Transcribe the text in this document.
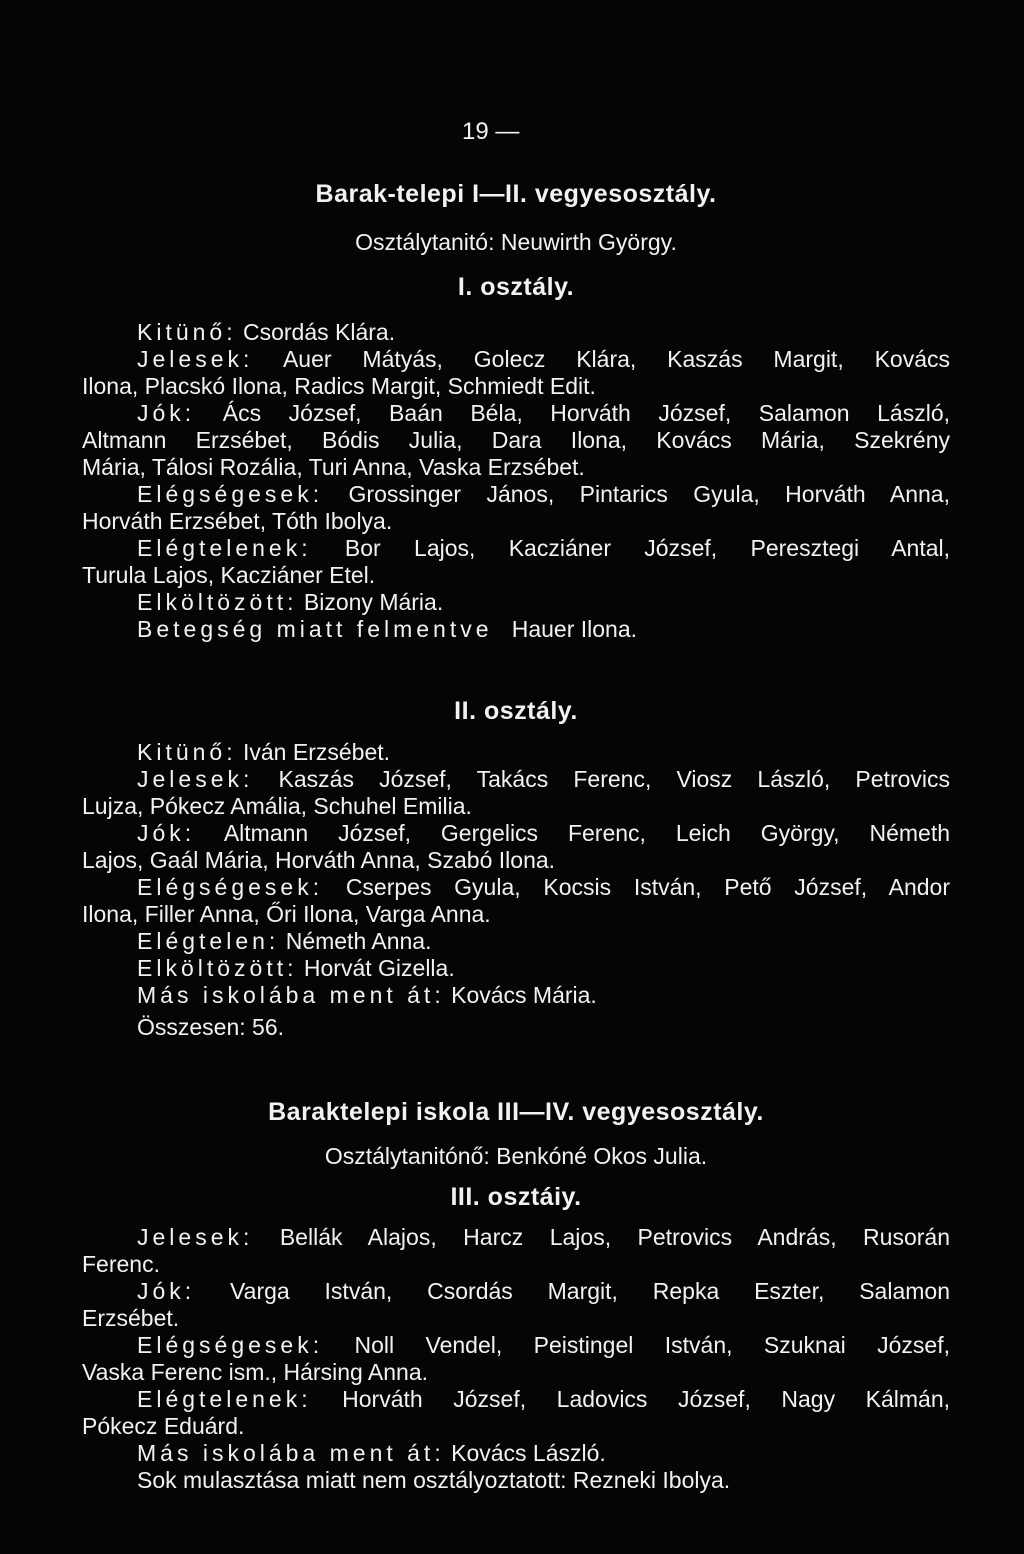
19 —
Barak-telepi I—II. vegyesosztály.
Osztálytanitó: Neuwirth György.
I. osztály.
Kitünő: Csordás Klára.
Jelesek: Auer Mátyás, Golecz Klára, Kaszás Margit, Kovács
Ilona, Placskó Ilona, Radics Margit, Schmiedt Edit.
Jók: Ács József, Baán Béla, Horváth József, Salamon László,
Altmann Erzsébet, Bódis Julia, Dara Ilona, Kovács Mária, Szekrény
Mária, Tálosi Rozália, Turi Anna, Vaska Erzsébet.
Elégségesek: Grossinger János, Pintarics Gyula, Horváth Anna,
Horváth Erzsébet, Tóth Ibolya.
Elégtelenek: Bor Lajos, Kacziáner József, Peresztegi Antal,
Turula Lajos, Kacziáner Etel.
Elköltözött: Bizony Mária.
Betegség miatt felmentve Hauer Ilona.
II. osztály.
Kitünő: Iván Erzsébet.
Jelesek: Kaszás József, Takács Ferenc, Viosz László, Petrovics
Lujza, Pókecz Amália, Schuhel Emilia.
Jók: Altmann József, Gergelics Ferenc, Leich György, Németh
Lajos, Gaál Mária, Horváth Anna, Szabó Ilona.
Elégségesek: Cserpes Gyula, Kocsis István, Pető József, Andor
Ilona, Filler Anna, Őri Ilona, Varga Anna.
Elégtelen: Németh Anna.
Elköltözött: Horvát Gizella.
Más iskolába ment át: Kovács Mária.
Összesen: 56.
Baraktelepi iskola III—IV. vegyesosztály.
Osztálytanitónő: Benkóné Okos Julia.
III. osztáiy.
Jelesek: Bellák Alajos, Harcz Lajos, Petrovics András, Rusorán
Ferenc.
Jók: Varga István, Csordás Margit, Repka Eszter, Salamon
Erzsébet.
Elégségesek: Noll Vendel, Peistingel István, Szuknai József,
Vaska Ferenc ism., Hársing Anna.
Elégtelenek: Horváth József, Ladovics József, Nagy Kálmán,
Pókecz Eduárd.
Más iskolába ment át: Kovács László.
Sok mulasztása miatt nem osztályoztatott: Rezneki Ibolya.
